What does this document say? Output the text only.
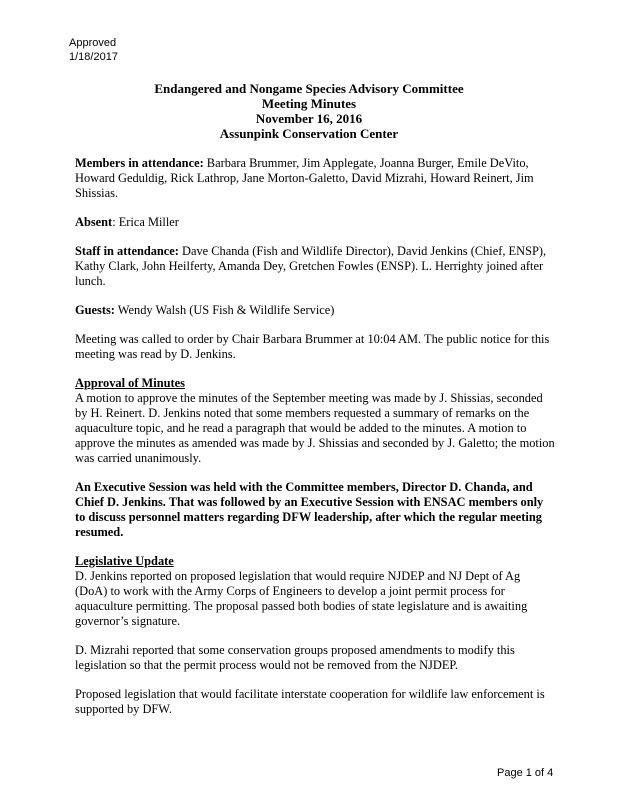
Approved
1/18/2017
Endangered and Nongame Species Advisory Committee
Meeting Minutes
November 16, 2016
Assunpink Conservation Center

Members in attendance: Barbara Brummer, Jim Applegate, Joanna Burger, Emile DeVito, Howard Geduldig, Rick Lathrop, Jane Morton-Galetto, David Mizrahi, Howard Reinert, Jim Shissias.

Absent: Erica Miller

Staff in attendance: Dave Chanda (Fish and Wildlife Director), David Jenkins (Chief, ENSP), Kathy Clark, John Heilferty, Amanda Dey, Gretchen Fowles (ENSP). L. Herrighty joined after lunch.

Guests: Wendy Walsh (US Fish & Wildlife Service)

Meeting was called to order by Chair Barbara Brummer at 10:04 AM. The public notice for this meeting was read by D. Jenkins.

Approval of Minutes

A motion to approve the minutes of the September meeting was made by J. Shissias, seconded by H. Reinert. D. Jenkins noted that some members requested a summary of remarks on the aquaculture topic, and he read a paragraph that would be added to the minutes. A motion to approve the minutes as amended was made by J. Shissias and seconded by J. Galetto; the motion was carried unanimously.

An Executive Session was held with the Committee members, Director D. Chanda, and Chief D. Jenkins. That was followed by an Executive Session with ENSAC members only to discuss personnel matters regarding DFW leadership, after which the regular meeting resumed.

Legislative Update

D. Jenkins reported on proposed legislation that would require NJDEP and NJ Dept of Ag (DoA) to work with the Army Corps of Engineers to develop a joint permit process for aquaculture permitting. The proposal passed both bodies of state legislature and is awaiting governor’s signature.

D. Mizrahi reported that some conservation groups proposed amendments to modify this legislation so that the permit process would not be removed from the NJDEP.

Proposed legislation that would facilitate interstate cooperation for wildlife law enforcement is supported by DFW.

Page 1 of 4
